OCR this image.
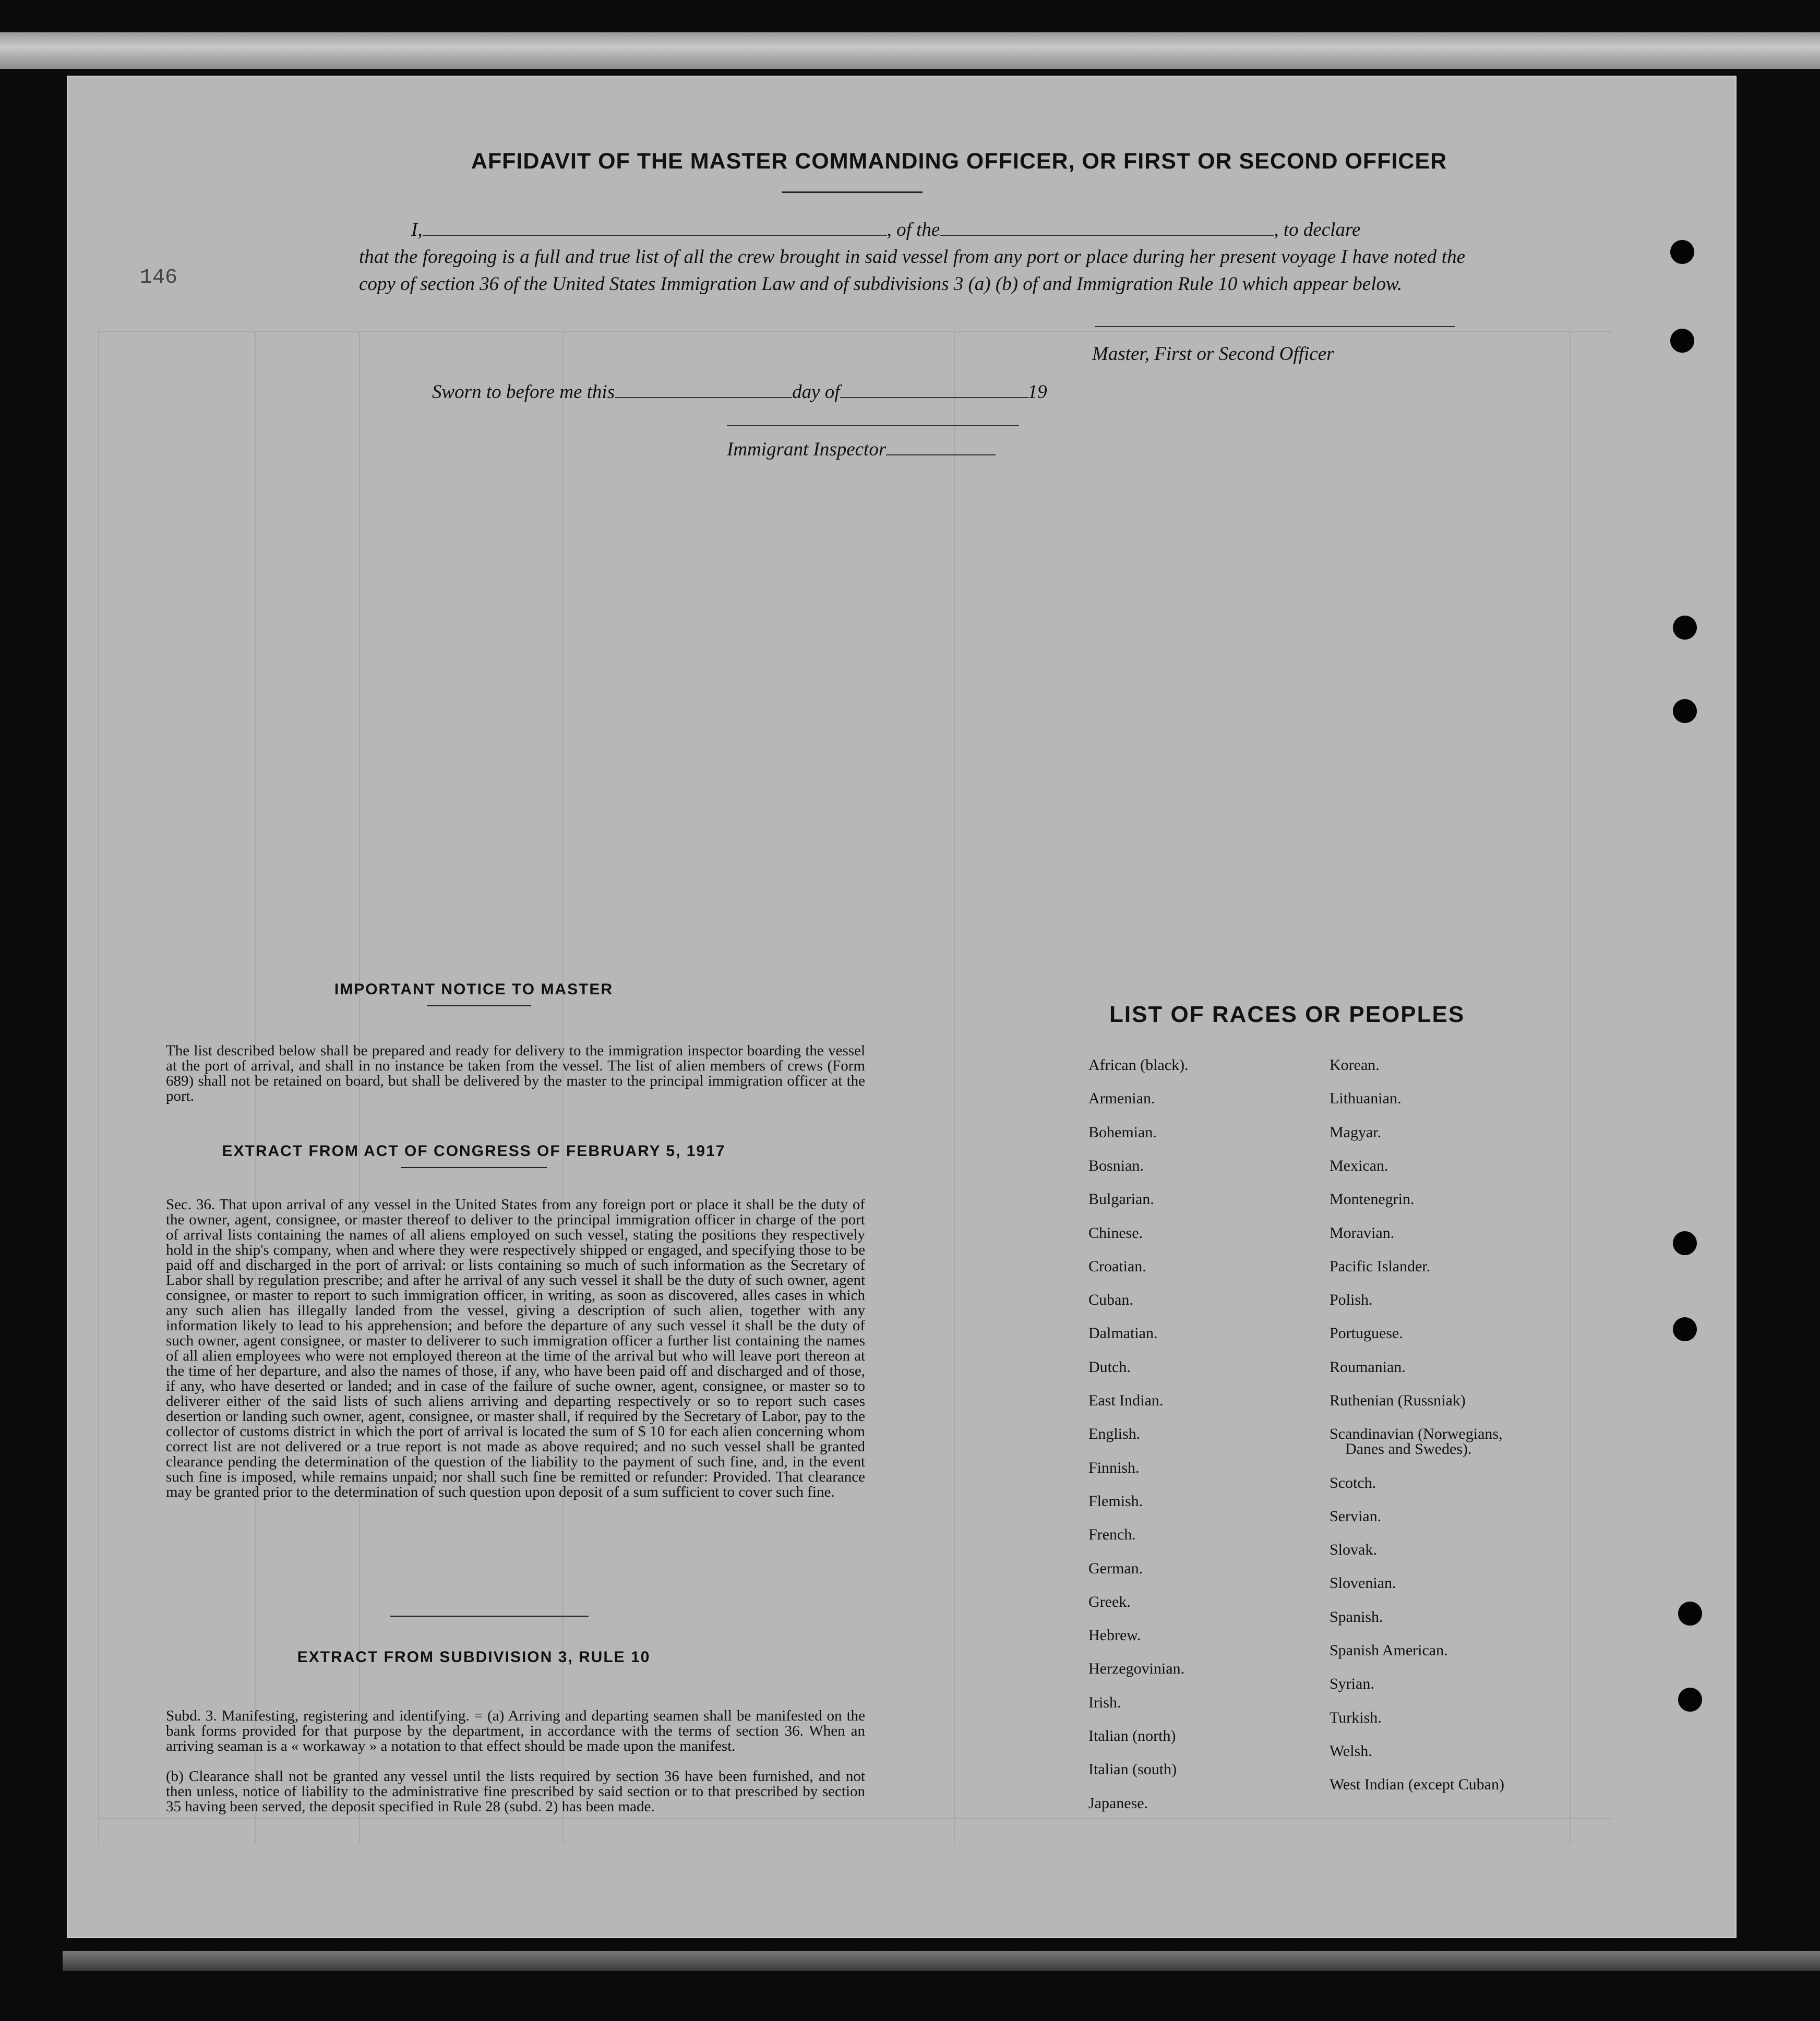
AFFIDAVIT OF THE MASTER COMMANDING OFFICER, OR FIRST OR SECOND OFFICER
146
I,	, of the	, to declare
that the foregoing is a full and true list of all the crew brought in said vessel from any port or place during her present voyage I have noted the copy of section 36 of the United States Immigration Law and of subdivisions 3 (a) (b) of and Immigration Rule 10 which appear below.
Master, First or Second Officer
Sworn to before me this	day of	19
Immigrant Inspector
IMPORTANT NOTICE TO MASTER
The list described below shall be prepared and ready for delivery to the immigration inspector boarding the vessel at the port of arrival, and shall in no instance be taken from the vessel. The list of alien members of crews (Form 689) shall not be retained on board, but shall be delivered by the master to the principal immigration officer at the port.
EXTRACT FROM ACT OF CONGRESS OF FEBRUARY 5, 1917
Sec. 36. That upon arrival of any vessel in the United States from any foreign port or place it shall be the duty of the owner, agent, consignee, or master thereof to deliver to the principal immigration officer in charge of the port of arrival lists containing the names of all aliens employed on such vessel, stating the positions they respectively hold in the ship's company, when and where they were respectively shipped or engaged, and specifying those to be paid off and discharged in the port of arrival: or lists containing so much of such information as the Secretary of Labor shall by regulation prescribe; and after he arrival of any such vessel it shall be the duty of such owner, agent consignee, or master to report to such immigration officer, in writing, as soon as discovered, alles cases in which any such alien has illegally landed from the vessel, giving a description of such alien, together with any information likely to lead to his apprehension; and before the departure of any such vessel it shall be the duty of such owner, agent consignee, or master to deliverer to such immigration officer a further list containing the names of all alien employees who were not employed thereon at the time of the arrival but who will leave port thereon at the time of her departure, and also the names of those, if any, who have been paid off and discharged and of those, if any, who have deserted or landed; and in case of the failure of suche owner, agent, consignee, or master so to deliverer either of the said lists of such aliens arriving and departing respectively or so to report such cases desertion or landing such owner, agent, consignee, or master shall, if required by the Secretary of Labor, pay to the collector of customs district in which the port of arrival is located the sum of $ 10 for each alien concerning whom correct list are not delivered or a true report is not made as above required; and no such vessel shall be granted clearance pending the determination of the question of the liability to the payment of such fine, and, in the event such fine is imposed, while remains unpaid; nor shall such fine be remitted or refunder: Provided. That clearance may be granted prior to the determination of such question upon deposit of a sum sufficient to cover such fine.
EXTRACT FROM SUBDIVISION 3, RULE 10
Subd. 3. Manifesting, registering and identifying. = (a) Arriving and departing seamen shall be manifested on the bank forms provided for that purpose by the department, in accordance with the terms of section 36. When an arriving seaman is a « workaway » a notation to that effect should be made upon the manifest.
(b) Clearance shall not be granted any vessel until the lists required by section 36 have been furnished, and not then unless, notice of liability to the administrative fine prescribed by said section or to that prescribed by section 35 having been served, the deposit specified in Rule 28 (subd. 2) has been made.
LIST OF RACES OR PEOPLES
African (black).
Armenian.
Bohemian.
Bosnian.
Bulgarian.
Chinese.
Croatian.
Cuban.
Dalmatian.
Dutch.
East Indian.
English.
Finnish.
Flemish.
French.
German.
Greek.
Hebrew.
Herzegovinian.
Irish.
Italian (north)
Italian (south)
Japanese.
Korean.
Lithuanian.
Magyar.
Mexican.
Montenegrin.
Moravian.
Pacific Islander.
Polish.
Portuguese.
Roumanian.
Ruthenian (Russniak)
Scandinavian (Norwegians,
Danes and Swedes).
Scotch.
Servian.
Slovak.
Slovenian.
Spanish.
Spanish American.
Syrian.
Turkish.
Welsh.
West Indian (except Cuban)
